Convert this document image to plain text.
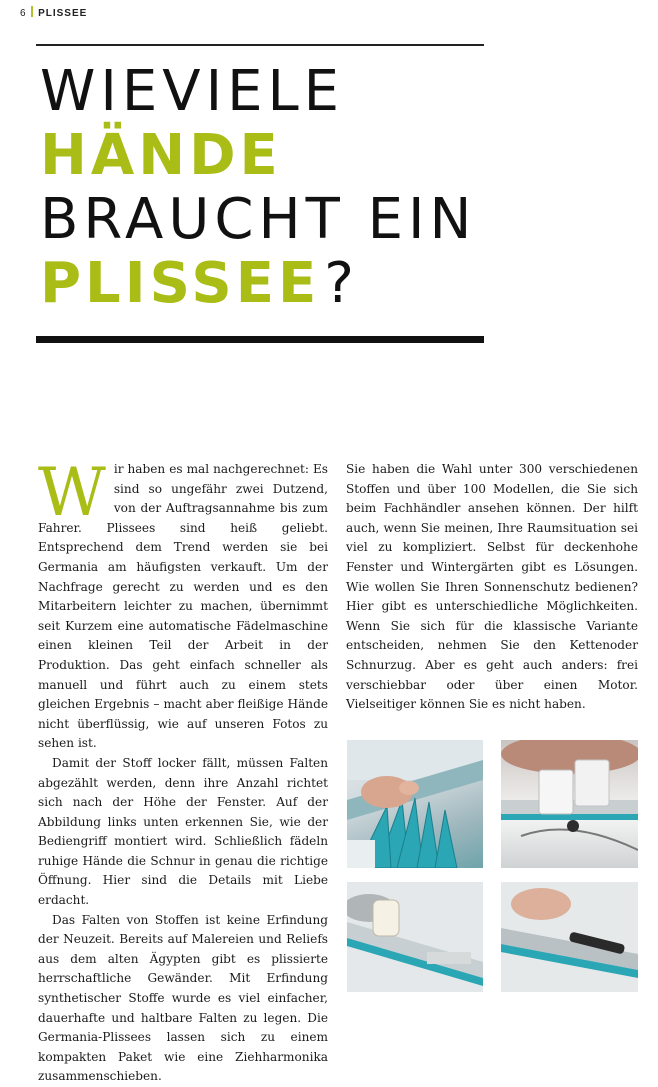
6 PLISSEE
WIEVIELE
HÄNDE
BRAUCHT EIN
PLISSEE?

Wir haben es mal nachgerechnet: Es sind so ungefähr zwei Dutzend, von der Auftragsannahme bis zum Fahrer. Plissees sind heiß geliebt. Entsprechend dem Trend werden sie bei Germania am häufigsten verkauft. Um der Nachfrage gerecht zu werden und es den Mitarbeitern leichter zu machen, übernimmt seit Kurzem eine automatische Fädelmaschine einen kleinen Teil der Arbeit in der Produktion. Das geht einfach schneller als manuell und führt auch zu einem stets gleichen Ergebnis – macht aber fleißige Hände nicht überflüssig, wie auf unseren Fotos zu sehen ist.

Damit der Stoff locker fällt, müssen Falten abgezählt werden, denn ihre Anzahl richtet sich nach der Höhe der Fenster. Auf der Abbildung links unten erkennen Sie, wie der Bediengriff montiert wird. Schließlich fädeln ruhige Hände die Schnur in genau die richtige Öffnung. Hier sind die Details mit Liebe erdacht.

Das Falten von Stoffen ist keine Erfindung der Neuzeit. Bereits auf Malereien und Reliefs aus dem alten Ägypten gibt es plissierte herrschaftliche Gewänder. Mit Erfindung synthetischer Stoffe wurde es viel einfacher, dauerhafte und haltbare Falten zu legen. Die Germania-Plissees lassen sich zu einem kompakten Paket wie eine Ziehharmonika zusammenschieben.

Sie haben die Wahl unter 300 verschiedenen Stoffen und über 100 Modellen, die Sie sich beim Fachhändler ansehen können. Der hilft auch, wenn Sie meinen, Ihre Raumsituation sei viel zu kompliziert. Selbst für deckenhohe Fenster und Wintergärten gibt es Lösungen. Wie wollen Sie Ihren Sonnenschutz bedienen? Hier gibt es unterschiedliche Möglichkeiten. Wenn Sie sich für die klassische Variante entscheiden, nehmen Sie den Kettenoder Schnurzug. Aber es geht auch anders: frei verschiebbar oder über einen Motor. Vielseitiger können Sie es nicht haben.
